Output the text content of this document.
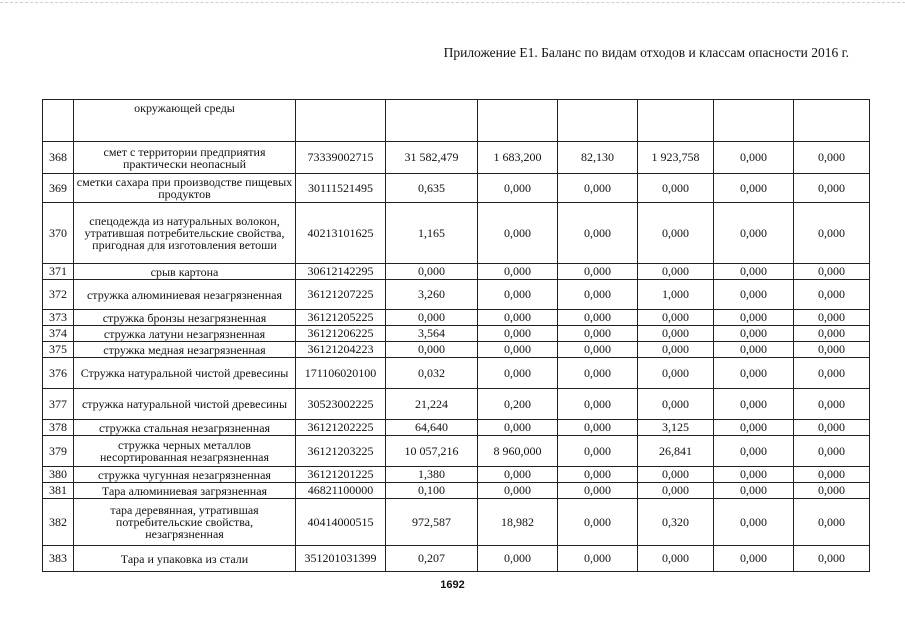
Приложение Е1. Баланс по видам отходов и классам опасности 2016 г.
	окружающей среды							
368	смет с территории предприятия практически неопасный	73339002715	31 582,479	1 683,200	82,130	1 923,758	0,000	0,000
369	сметки сахара при производстве пищевых продуктов	30111521495	0,635	0,000	0,000	0,000	0,000	0,000
370	спецодежда из натуральных волокон, утратившая потребительские свойства, пригодная для изготовления ветоши	40213101625	1,165	0,000	0,000	0,000	0,000	0,000
371	срыв картона	30612142295	0,000	0,000	0,000	0,000	0,000	0,000
372	стружка алюминиевая незагрязненная	36121207225	3,260	0,000	0,000	1,000	0,000	0,000
373	стружка бронзы незагрязненная	36121205225	0,000	0,000	0,000	0,000	0,000	0,000
374	стружка латуни незагрязненная	36121206225	3,564	0,000	0,000	0,000	0,000	0,000
375	стружка медная незагрязненная	36121204223	0,000	0,000	0,000	0,000	0,000	0,000
376	Стружка натуральной чистой древесины	171106020100	0,032	0,000	0,000	0,000	0,000	0,000
377	стружка натуральной чистой древесины	30523002225	21,224	0,200	0,000	0,000	0,000	0,000
378	стружка стальная незагрязненная	36121202225	64,640	0,000	0,000	3,125	0,000	0,000
379	стружка черных металлов несортированная незагрязненная	36121203225	10 057,216	8 960,000	0,000	26,841	0,000	0,000
380	стружка чугунная незагрязненная	36121201225	1,380	0,000	0,000	0,000	0,000	0,000
381	Тара алюминиевая загрязненная	46821100000	0,100	0,000	0,000	0,000	0,000	0,000
382	тара деревянная, утратившая потребительские свойства, незагрязненная	40414000515	972,587	18,982	0,000	0,320	0,000	0,000
383	Тара и упаковка из стали	351201031399	0,207	0,000	0,000	0,000	0,000	0,000
1692
